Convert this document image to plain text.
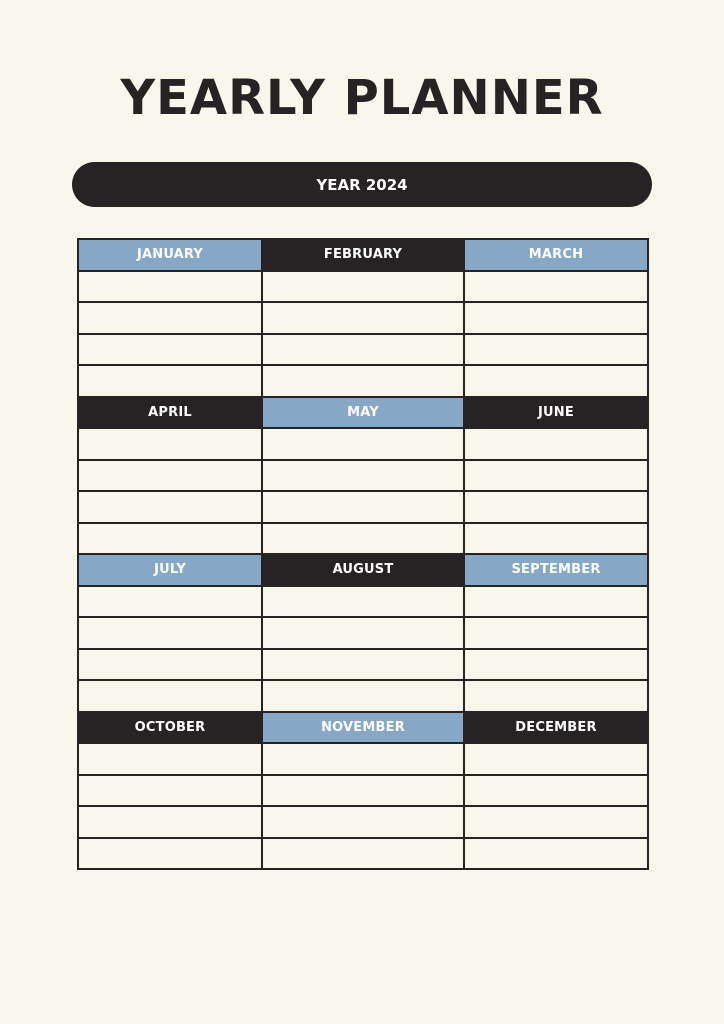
YEARLY PLANNER
YEAR 2024
JANUARY	FEBRUARY	MARCH

APRIL	MAY	JUNE

JULY	AUGUST	SEPTEMBER

OCTOBER	NOVEMBER	DECEMBER
